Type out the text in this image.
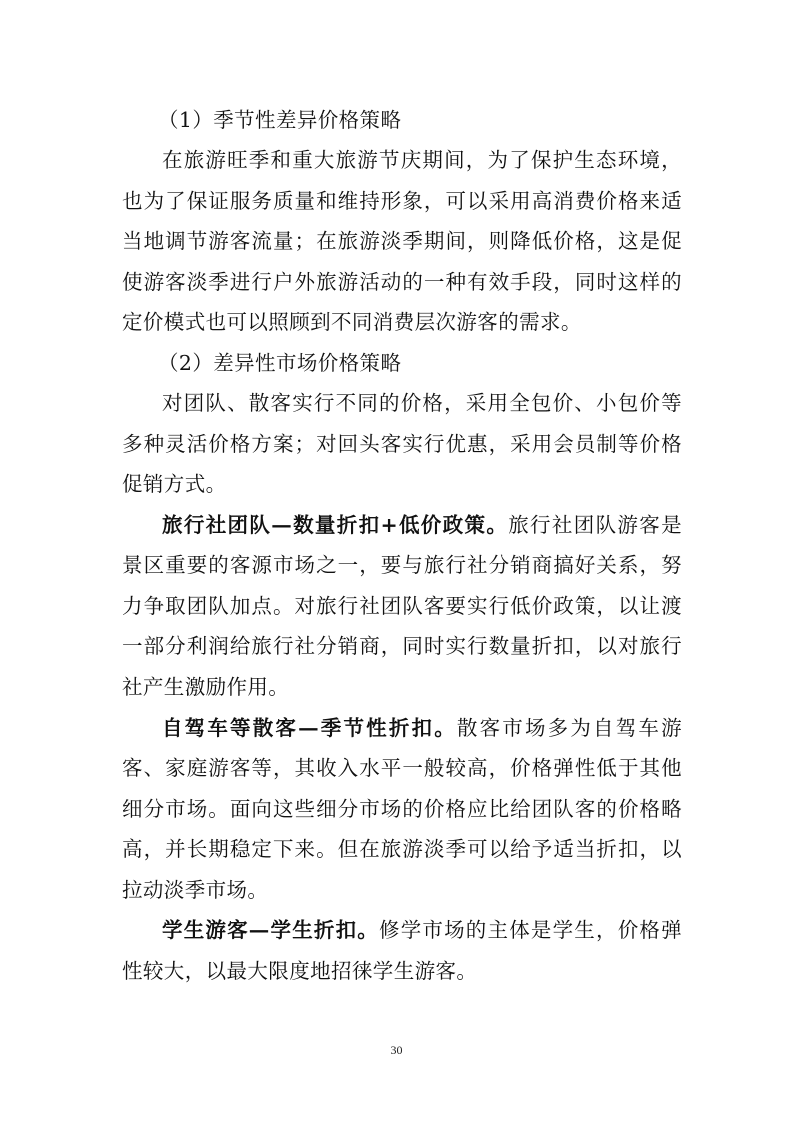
（1）季节性差异价格策略
在旅游旺季和重大旅游节庆期间，为了保护生态环境，
也为了保证服务质量和维持形象，可以采用高消费价格来适
当地调节游客流量；在旅游淡季期间，则降低价格，这是促
使游客淡季进行户外旅游活动的一种有效手段，同时这样的
定价模式也可以照顾到不同消费层次游客的需求。
（2）差异性市场价格策略
对团队、散客实行不同的价格，采用全包价、小包价等
多种灵活价格方案；对回头客实行优惠，采用会员制等价格
促销方式。
旅行社团队—数量折扣+低价政策。旅行社团队游客是
景区重要的客源市场之一，要与旅行社分销商搞好关系，努
力争取团队加点。对旅行社团队客要实行低价政策，以让渡
一部分利润给旅行社分销商，同时实行数量折扣，以对旅行
社产生激励作用。
自驾车等散客—季节性折扣。散客市场多为自驾车游
客、家庭游客等，其收入水平一般较高，价格弹性低于其他
细分市场。面向这些细分市场的价格应比给团队客的价格略
高，并长期稳定下来。但在旅游淡季可以给予适当折扣，以
拉动淡季市场。
学生游客—学生折扣。修学市场的主体是学生，价格弹
性较大，以最大限度地招徕学生游客。
30
